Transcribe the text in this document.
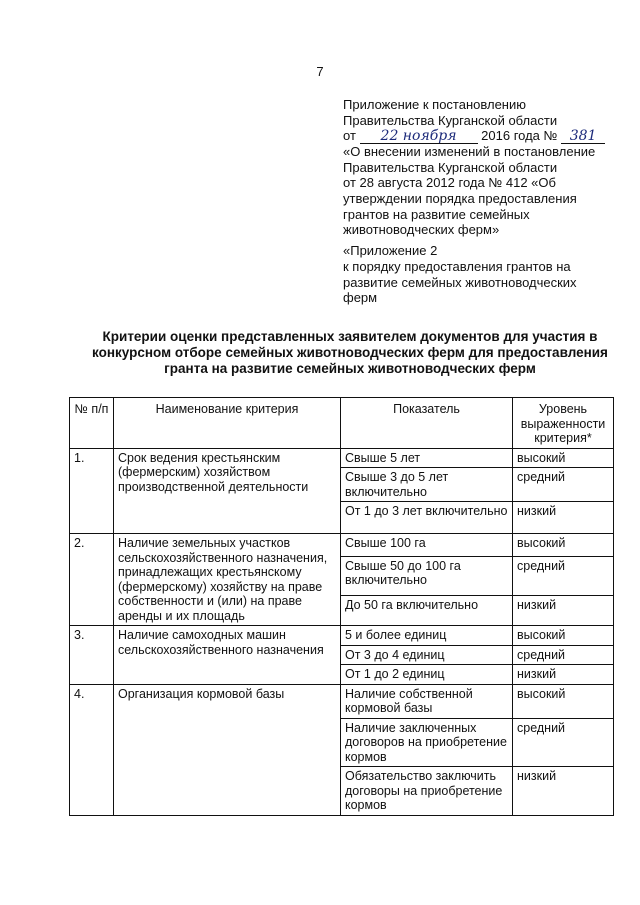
7

Приложение к постановлению

Правительства Курганской области

от 22 ноября 2016 года № 381

«О внесении изменений в постановление

Правительства Курганской области

от 28 августа 2012 года № 412 «Об

утверждении порядка предоставления

грантов на развитие семейных

животноводческих ферм»

«Приложение 2

к порядку предоставления грантов на

развитие семейных животноводческих

ферм

Критерии оценки представленных заявителем документов для участия в
конкурсном отборе семейных животноводческих ферм для предоставления
гранта на развитие семейных животноводческих ферм
№ п/п	Наименование критерия	Показатель	Уровень выраженности критерия*
1.	Срок ведения крестьянским (фермерским) хозяйством производственной деятельности	Свыше 5 лет	высокий
		Свыше 3 до 5 лет включительно	средний
		От 1 до 3 лет включительно	низкий
2.	Наличие земельных участков сельскохозяйственного назначения, принадлежащих крестьянскому (фермерскому) хозяйству на праве собственности и (или) на праве аренды и их площадь	Свыше 100 га	высокий
		Свыше 50 до 100 га включительно	средний
		До 50 га включительно	низкий
3.	Наличие самоходных машин сельскохозяйственного назначения	5 и более единиц	высокий
		От 3 до 4 единиц	средний
		От 1 до 2 единиц	низкий
4.	Организация кормовой базы	Наличие собственной кормовой базы	высокий
		Наличие заключенных договоров на приобретение кормов	средний
		Обязательство заключить договоры на приобретение кормов	низкий
